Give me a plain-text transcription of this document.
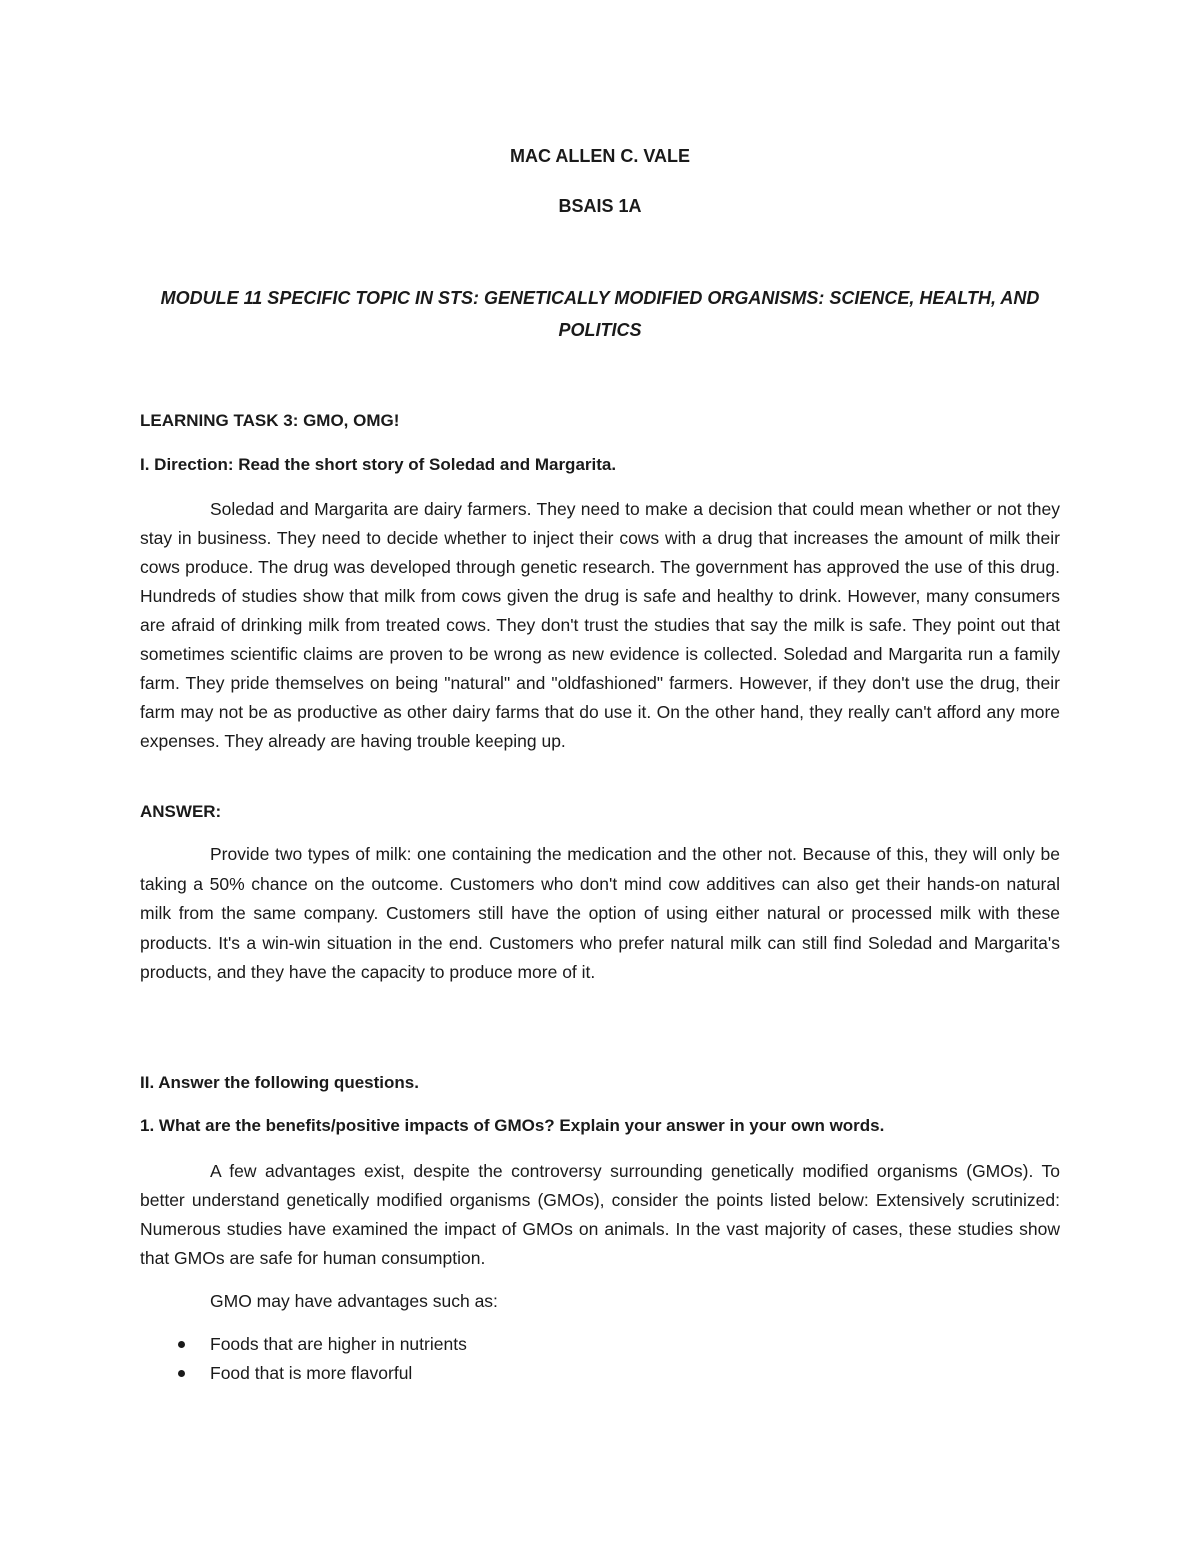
MAC ALLEN C. VALE

BSAIS 1A

MODULE 11 SPECIFIC TOPIC IN STS: GENETICALLY MODIFIED ORGANISMS: SCIENCE, HEALTH, AND POLITICS

LEARNING TASK 3: GMO, OMG!

I. Direction: Read the short story of Soledad and Margarita.

Soledad and Margarita are dairy farmers. They need to make a decision that could mean whether or not they stay in business. They need to decide whether to inject their cows with a drug that increases the amount of milk their cows produce. The drug was developed through genetic research. The government has approved the use of this drug. Hundreds of studies show that milk from cows given the drug is safe and healthy to drink. However, many consumers are afraid of drinking milk from treated cows. They don't trust the studies that say the milk is safe. They point out that sometimes scientific claims are proven to be wrong as new evidence is collected. Soledad and Margarita run a family farm. They pride themselves on being "natural" and "oldfashioned" farmers. However, if they don't use the drug, their farm may not be as productive as other dairy farms that do use it. On the other hand, they really can't afford any more expenses. They already are having trouble keeping up.

ANSWER:

Provide two types of milk: one containing the medication and the other not. Because of this, they will only be taking a 50% chance on the outcome. Customers who don't mind cow additives can also get their hands-on natural milk from the same company. Customers still have the option of using either natural or processed milk with these products. It's a win-win situation in the end. Customers who prefer natural milk can still find Soledad and Margarita's products, and they have the capacity to produce more of it.

II. Answer the following questions.

1. What are the benefits/positive impacts of GMOs? Explain your answer in your own words.

A few advantages exist, despite the controversy surrounding genetically modified organisms (GMOs). To better understand genetically modified organisms (GMOs), consider the points listed below: Extensively scrutinized: Numerous studies have examined the impact of GMOs on animals. In the vast majority of cases, these studies show that GMOs are safe for human consumption.

GMO may have advantages such as:

Foods that are higher in nutrients
Food that is more flavorful
